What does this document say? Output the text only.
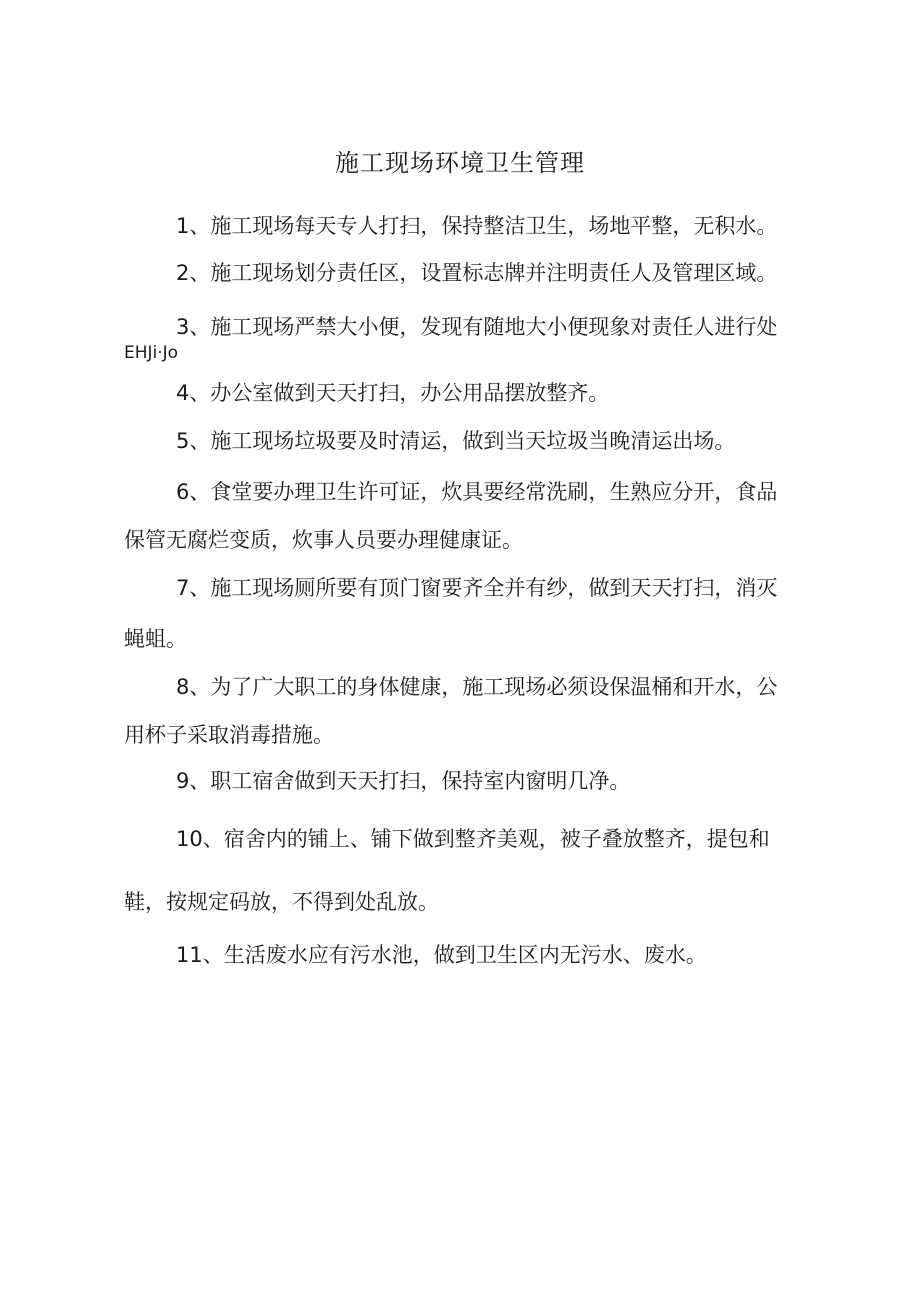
施工现场环境卫生管理
1、施工现场每天专人打扫，保持整洁卫生，场地平整，无积水。
2、施工现场划分责任区，设置标志牌并注明责任人及管理区域。
3、施工现场严禁大小便，发现有随地大小便现象对责任人进行处
EHJi·Jo
4、办公室做到天天打扫，办公用品摆放整齐。
5、施工现场垃圾要及时清运，做到当天垃圾当晚清运出场。
6、食堂要办理卫生许可证，炊具要经常洗刷，生熟应分开，食品
保管无腐烂变质，炊事人员要办理健康证。
7、施工现场厕所要有顶门窗要齐全并有纱，做到天天打扫，消灭
蝇蛆。
8、为了广大职工的身体健康，施工现场必须设保温桶和开水，公
用杯子采取消毒措施。
9、职工宿舍做到天天打扫，保持室内窗明几净。
10、宿舍内的铺上、铺下做到整齐美观，被子叠放整齐，提包和
鞋，按规定码放，不得到处乱放。
11、生活废水应有污水池，做到卫生区内无污水、废水。
